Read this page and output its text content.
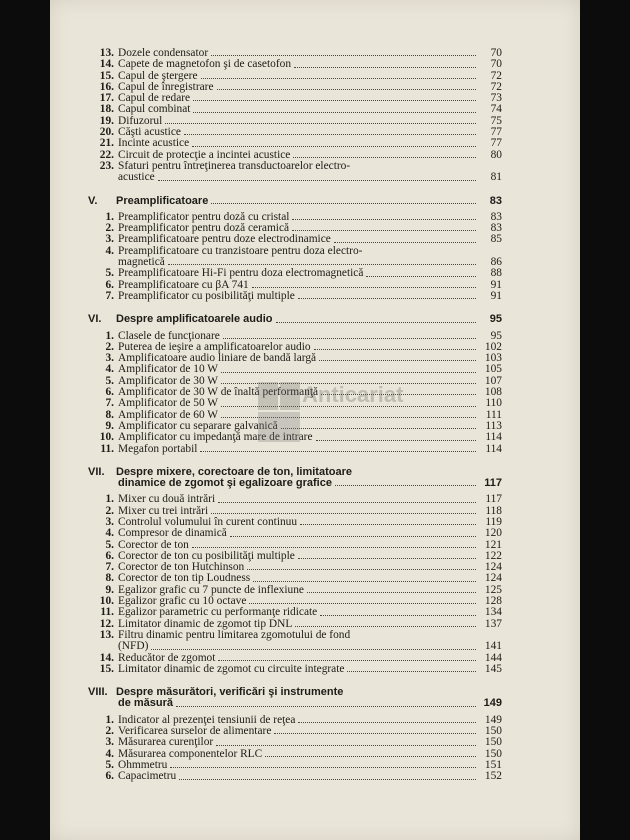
13. Dozele condensator	70
14. Capete de magnetofon şi de casetofon	70
15. Capul de ştergere	72
16. Capul de înregistrare	72
17. Capul de redare	73
18. Capul combinat	74
19. Difuzorul	75
20. Căşti acustice	77
21. Incinte acustice	77
22. Circuit de protecţie a incintei acustice	80
23. Sfaturi pentru întreţinerea transductoarelor electro-
acustice	81
V.	Preamplificatoare	83
1. Preamplificator pentru doză cu cristal	83
2. Preamplificator pentru doză ceramică	83
3. Preamplificatoare pentru doze electrodinamice	85
4. Preamplificatoare cu tranzistoare pentru doza electro-
magnetică	86
5. Preamplificatoare Hi-Fi pentru doza electromagnetică	88
6. Preamplificatoare cu βA 741	91
7. Preamplificator cu posibilităţi multiple	91
VI.	Despre amplificatoarele audio	95
1. Clasele de funcţionare	95
2. Puterea de ieşire a amplificatoarelor audio	102
3. Amplificatoare audio liniare de bandă largă	103
4. Amplificator de 10 W	105
5. Amplificator de 30 W	107
6. Amplificator de 30 W de înaltă performanţă	108
7. Amplificator de 50 W	110
8. Amplificator de 60 W	111
9. Amplificator cu separare galvanică	113
10. Amplificator cu impedanţă mare de intrare	114
11. Megafon portabil	114
VII.	Despre mixere, corectoare de ton, limitatoare
dinamice de zgomot şi egalizoare grafice	117
1. Mixer cu două intrări	117
2. Mixer cu trei intrări	118
3. Controlul volumului în curent continuu	119
4. Compresor de dinamică	120
5. Corector de ton	121
6. Corector de ton cu posibilităţi multiple	122
7. Corector de ton Hutchinson	124
8. Corector de ton tip Loudness	124
9. Egalizor grafic cu 7 puncte de inflexiune	125
10. Egalizor grafic cu 10 octave	128
11. Egalizor parametric cu performanţe ridicate	134
12. Limitator dinamic de zgomot tip DNL	137
13. Filtru dinamic pentru limitarea zgomotului de fond
(NFD)	141
14. Reducător de zgomot	144
15. Limitator dinamic de zgomot cu circuite integrate	145
VIII. Despre măsurători, verificări şi instrumente
de măsură	149
1. Indicator al prezenţei tensiunii de reţea	149
2. Verificarea surselor de alimentare	150
3. Măsurarea curenţilor	150
4. Măsurarea componentelor RLC	150
5. Ohmmetru	151
6. Capacimetru	152
Anticariat
